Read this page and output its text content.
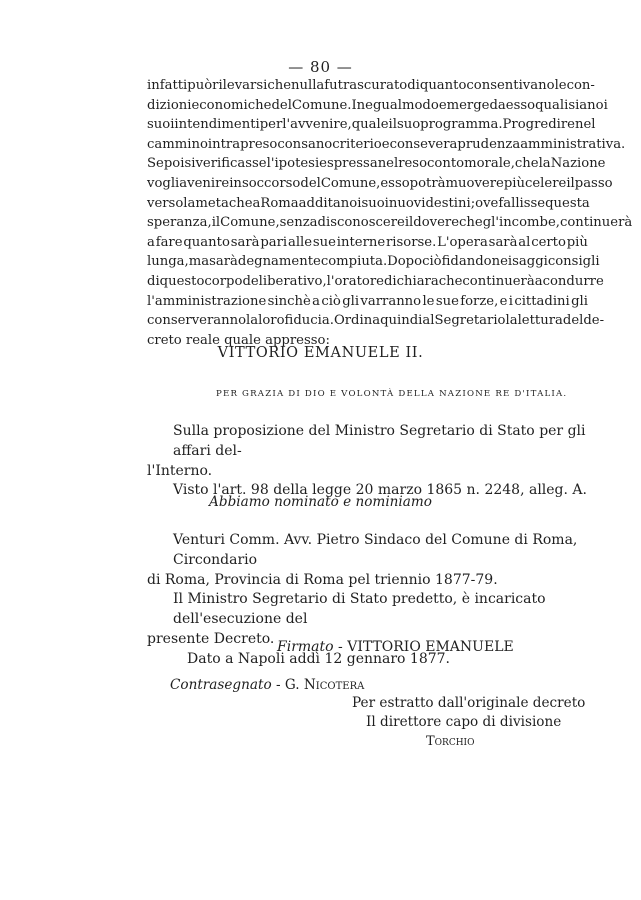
— 80 —
infatti può rilevarsi che nulla fu trascurato di quanto consentivano le con-
dizioni economiche del Comune. In egual modo emerge da esso quali siano i
suoi intendimenti per l'avvenire, quale il suo programma. Progredire nel
cammino intrapreso con sano criterio e con severa prudenza amministrativa.
Se poi si verificasse l'ipotesi espressa nel resoconto morale, che la Nazione
voglia venire in soccorso del Comune, esso potrà muovere più celere il passo
verso la meta che a Roma additano i suoi nuovi destini; ove fallisse questa
speranza, il Comune, senza disconoscere il dovere che gl'incombe, continuerà
a fare quanto sarà pari alle sue interne risorse. L'opera sarà al certo più
lunga, ma sarà degnamente compiuta. Dopo ciò fidando nei saggi consigli
di questo corpo deliberativo, l'oratore dichiara che continuerà a condurre
l'amministrazione sinchè a ciò gli varranno le sue forze, e i cittadini gli
conserveranno la loro fiducia. Ordina quindi al Segretario la lettura del de-
creto reale quale appresso:
VITTORIO EMANUELE II.
PER GRAZIA DI DIO E VOLONTÀ DELLA NAZIONE RE D'ITALIA.
Sulla proposizione del Ministro Segretario di Stato per gli affari del-
l'Interno.
Visto l'art. 98 della legge 20 marzo 1865 n. 2248, alleg. A.
Abbiamo nominato e nominiamo
Venturi Comm. Avv. Pietro Sindaco del Comune di Roma, Circondario
di Roma, Provincia di Roma pel triennio 1877-79.
Il Ministro Segretario di Stato predetto, è incaricato dell'esecuzione del
presente Decreto.
Dato a Napoli addì 12 gennaro 1877.
Firmato - VITTORIO EMANUELE
Contrasegnato - G. Nicotera
Per estratto dall'originale decreto
Il direttore capo di divisione
Torchio
